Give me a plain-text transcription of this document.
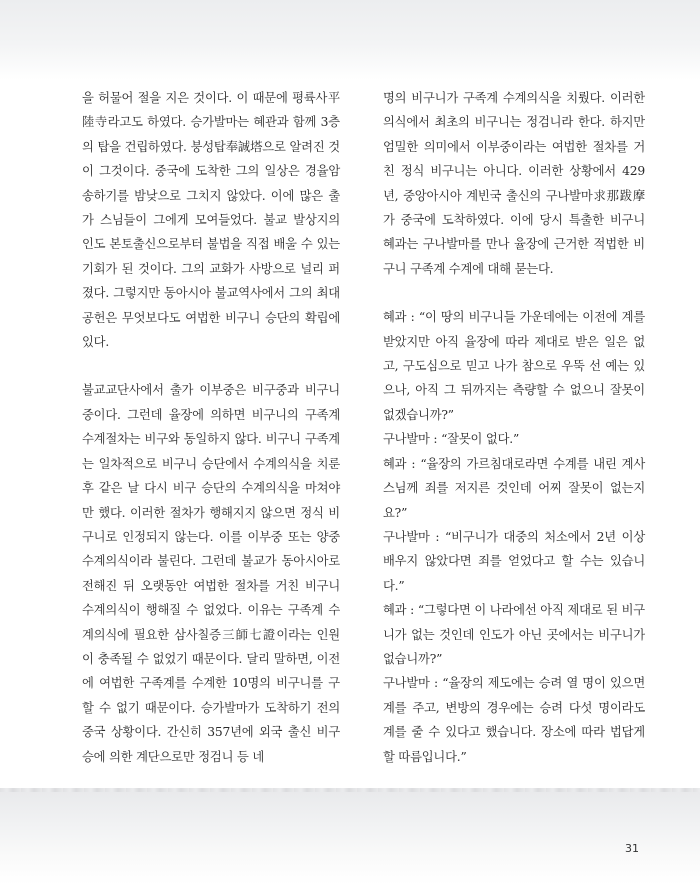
을 허물어 절을 지은 것이다. 이 때문에 평륙사平陸寺라고도 하였다. 승가발마는 혜관과 함께 3층의 탑을 건립하였다. 붕성탑奉誠塔으로 알려진 것이 그것이다. 중국에 도착한 그의 일상은 경율암송하기를 밤낮으로 그치지 않았다. 이에 많은 출가 스님들이 그에게 모여들었다. 불교 발상지의 인도 본토출신으로부터 불법을 직접 배울 수 있는 기회가 된 것이다. 그의 교화가 사방으로 널리 퍼졌다. 그렇지만 동아시아 불교역사에서 그의 최대 공헌은 무엇보다도 여법한 비구니 승단의 확립에 있다.

불교교단사에서 출가 이부중은 비구중과 비구니중이다. 그런데 율장에 의하면 비구니의 구족계 수계절차는 비구와 동일하지 않다. 비구니 구족계는 일차적으로 비구니 승단에서 수계의식을 치룬 후 같은 날 다시 비구 승단의 수계의식을 마쳐야만 했다. 이러한 절차가 행해지지 않으면 정식 비구니로 인정되지 않는다. 이를 이부중 또는 양중수계의식이라 불린다. 그런데 불교가 동아시아로 전해진 뒤 오랫동안 여법한 절차를 거친 비구니 수계의식이 행해질 수 없었다. 이유는 구족계 수계의식에 필요한 삼사칠증三師七證이라는 인원이 충족될 수 없었기 때문이다. 달리 말하면, 이전에 여법한 구족계를 수계한 10명의 비구니를 구할 수 없기 때문이다. 승가발마가 도착하기 전의 중국 상황이다. 간신히 357년에 외국 출신 비구승에 의한 계단으로만 정검니 등 네

명의 비구니가 구족계 수계의식을 치뤘다. 이러한 의식에서 최초의 비구니는 정검니라 한다. 하지만 엄밀한 의미에서 이부중이라는 여법한 절차를 거친 정식 비구니는 아니다. 이러한 상황에서 429년, 중앙아시아 계빈국 출신의 구나발마求那跋摩가 중국에 도착하였다. 이에 당시 특출한 비구니 혜과는 구나발마를 만나 율장에 근거한 적법한 비구니 구족계 수계에 대해 묻는다.

혜과 : “이 땅의 비구니들 가운데에는 이전에 계를 받았지만 아직 율장에 따라 제대로 받은 일은 없고, 구도심으로 믿고 나가 참으로 우뚝 선 예는 있으나, 아직 그 뒤까지는 측량할 수 없으니 잘못이 없겠습니까?”

구나발마 : “잘못이 없다.”

혜과 : “율장의 가르침대로라면 수계를 내린 계사스님께 죄를 저지른 것인데 어찌 잘못이 없는지요?”

구나발마 : “비구니가 대중의 처소에서 2년 이상 배우지 않았다면 죄를 얻었다고 할 수는 있습니다.”

혜과 : “그렇다면 이 나라에선 아직 제대로 된 비구니가 없는 것인데 인도가 아닌 곳에서는 비구니가 없습니까?”

구나발마 : “율장의 제도에는 승려 열 명이 있으면 계를 주고, 변방의 경우에는 승려 다섯 명이라도 계를 줄 수 있다고 했습니다. 장소에 따라 법답게 할 따름입니다.”

31
